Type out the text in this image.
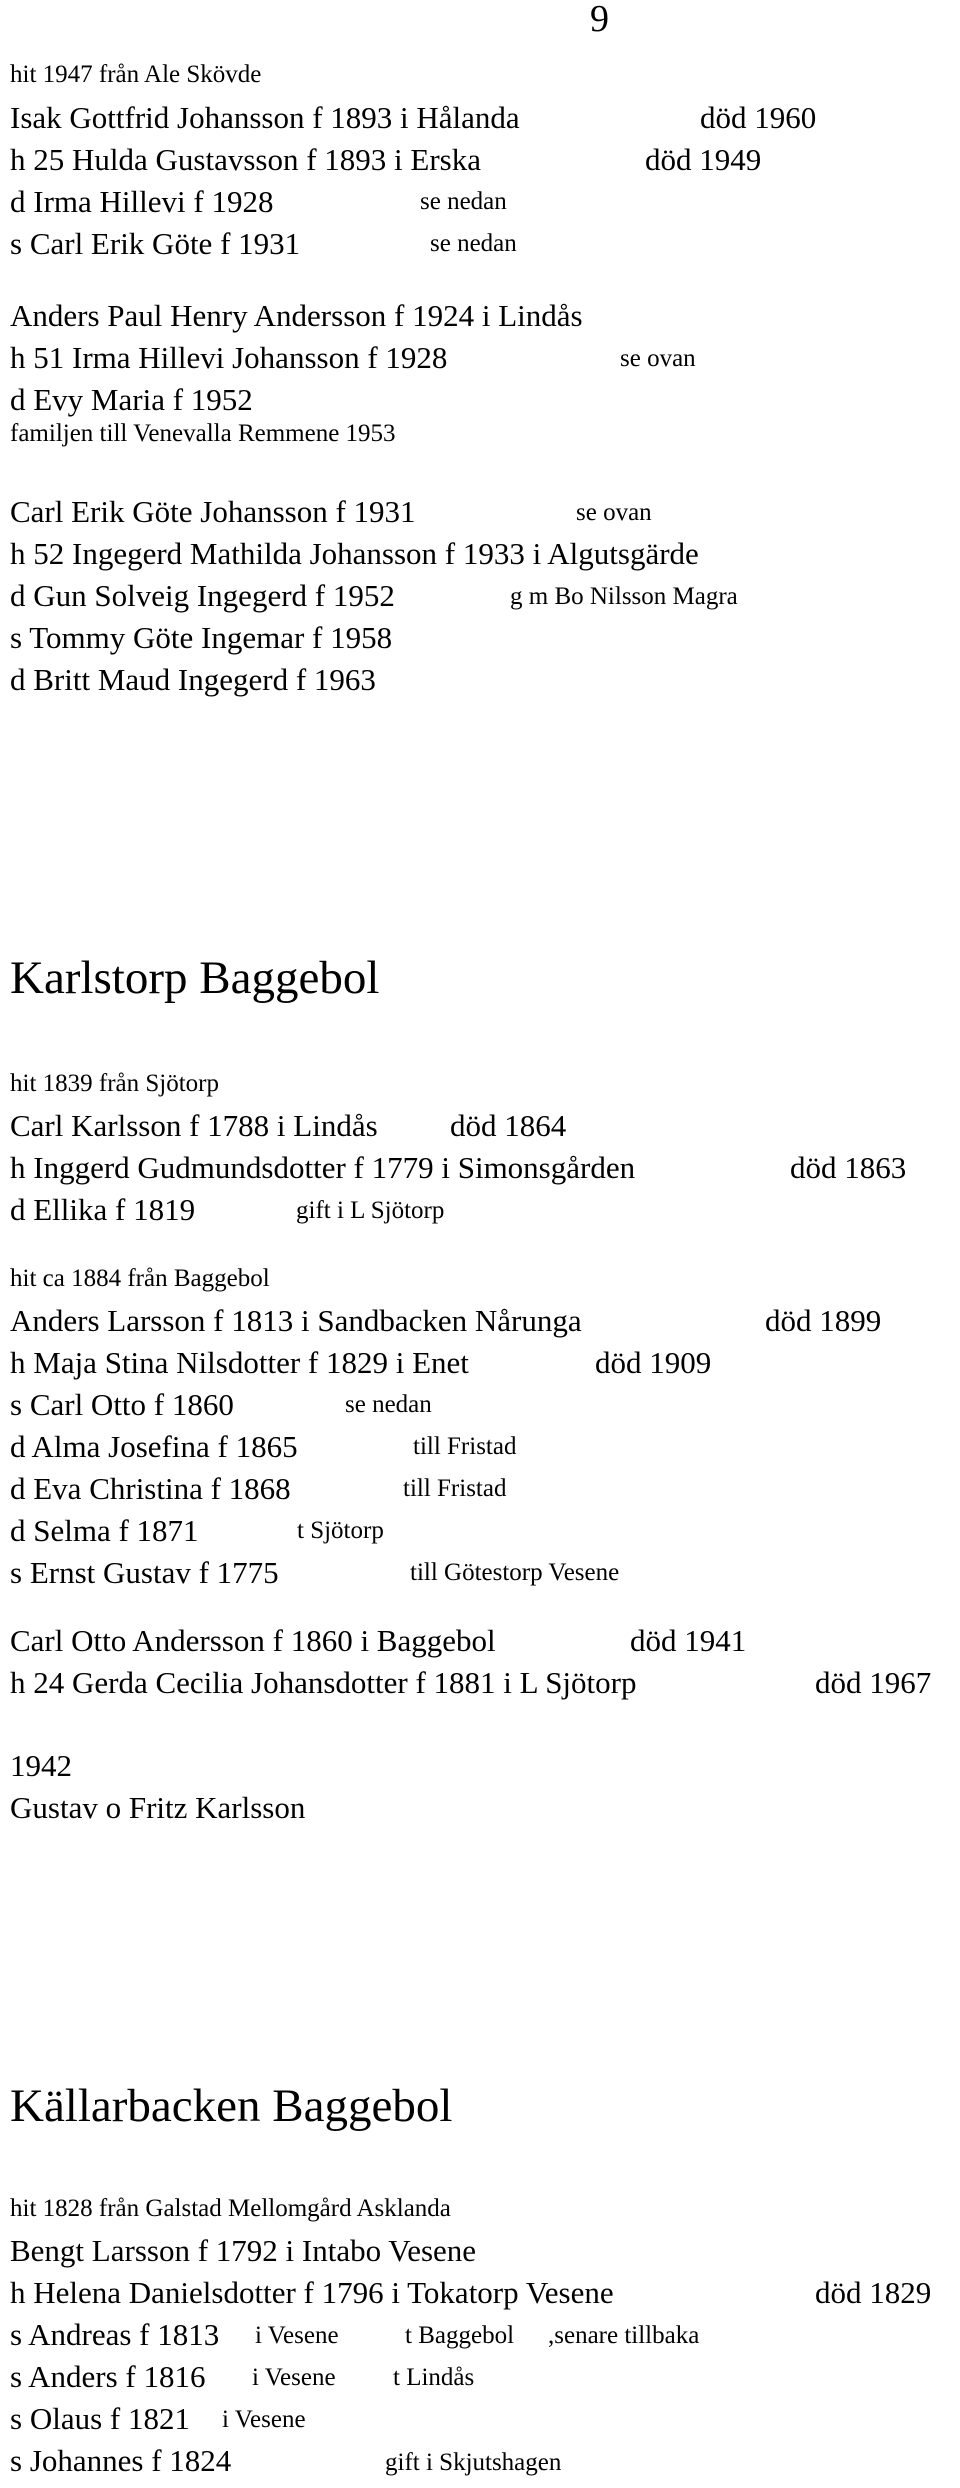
9
hit 1947 från Ale Skövde
Isak Gottfrid Johansson f 1893 i Hålanda	död 1960
h 25 Hulda Gustavsson f 1893 i Erska	död 1949
d Irma Hillevi f 1928	se nedan
s Carl Erik Göte f 1931	se nedan
Anders Paul Henry Andersson f 1924 i Lindås
h 51 Irma Hillevi Johansson f 1928	se ovan
d Evy Maria f 1952
familjen till Venevalla Remmene 1953
Carl Erik Göte Johansson f 1931	se ovan
h 52 Ingegerd Mathilda Johansson f 1933 i Algutsgärde
d Gun Solveig Ingegerd f 1952	g m Bo Nilsson Magra
s Tommy Göte Ingemar f 1958
d Britt Maud Ingegerd f 1963
Karlstorp Baggebol
hit 1839 från Sjötorp
Carl Karlsson f 1788 i Lindås död 1864
h Inggerd Gudmundsdotter f 1779 i Simonsgården	död 1863
d Ellika f 1819	gift i L Sjötorp
hit ca 1884 från Baggebol
Anders Larsson f 1813 i Sandbacken Nårunga	död 1899
h Maja Stina Nilsdotter f 1829 i Enet	död 1909
s Carl Otto f 1860	se nedan
d Alma Josefina f 1865	till Fristad
d Eva Christina f 1868	till Fristad
d Selma f 1871	t Sjötorp
s Ernst Gustav f 1775	till Götestorp Vesene
Carl Otto Andersson f 1860 i Baggebol	död 1941
h 24 Gerda Cecilia Johansdotter f 1881 i L Sjötorp	död 1967
1942
Gustav o Fritz Karlsson
Källarbacken Baggebol
hit 1828 från Galstad Mellomgård Asklanda
Bengt Larsson f 1792 i Intabo Vesene
h Helena Danielsdotter f 1796 i Tokatorp Vesene	död 1829
s Andreas f 1813 i Vesene	t Baggebol ,senare tillbaka
s Anders f 1816 i Vesene t Lindås
s Olaus f 1821 i Vesene
s Johannes f 1824	gift i Skjutshagen
